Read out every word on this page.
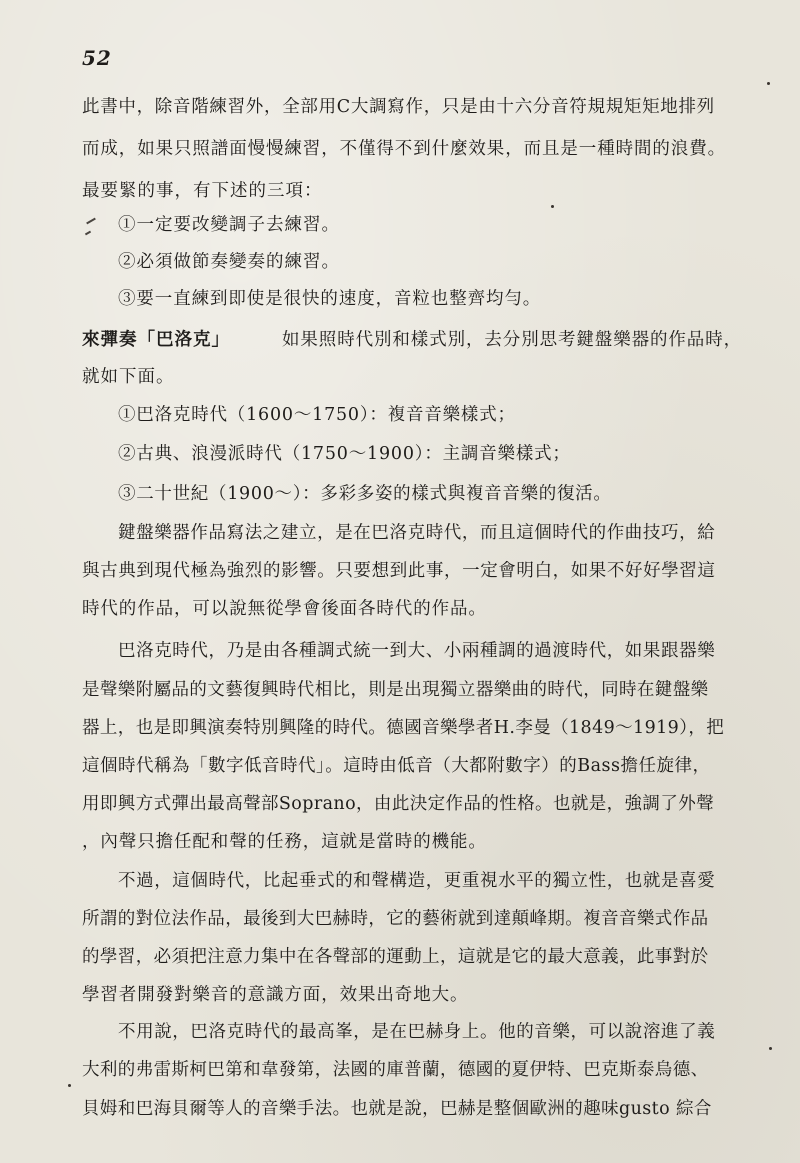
52
此書中，除音階練習外，全部用C大調寫作，只是由十六分音符規規矩矩地排列
而成，如果只照譜面慢慢練習，不僅得不到什麼效果，而且是一種時間的浪費。
最要緊的事，有下述的三項：
①一定要改變調子去練習。
②必須做節奏變奏的練習。
③要一直練到即使是很快的速度，音粒也整齊均勻。
來彈奏「巴洛克」	如果照時代別和樣式別，去分別思考鍵盤樂器的作品時，
就如下面。
①巴洛克時代（1600～1750）：複音音樂樣式；
②古典、浪漫派時代（1750～1900）：主調音樂樣式；
③二十世紀（1900～）：多彩多姿的樣式與複音音樂的復活。
鍵盤樂器作品寫法之建立，是在巴洛克時代，而且這個時代的作曲技巧，給
與古典到現代極為強烈的影響。只要想到此事，一定會明白，如果不好好學習這
時代的作品，可以說無從學會後面各時代的作品。
巴洛克時代，乃是由各種調式統一到大、小兩種調的過渡時代，如果跟器樂
是聲樂附屬品的文藝復興時代相比，則是出現獨立器樂曲的時代，同時在鍵盤樂
器上，也是即興演奏特別興隆的時代。德國音樂學者H.李曼（1849～1919），把
這個時代稱為「數字低音時代」。這時由低音（大都附數字）的Bass擔任旋律，
用即興方式彈出最高聲部Soprano，由此決定作品的性格。也就是，強調了外聲
，內聲只擔任配和聲的任務，這就是當時的機能。
不過，這個時代，比起垂式的和聲構造，更重視水平的獨立性，也就是喜愛
所謂的對位法作品，最後到大巴赫時，它的藝術就到達顛峰期。複音音樂式作品
的學習，必須把注意力集中在各聲部的運動上，這就是它的最大意義，此事對於
學習者開發對樂音的意識方面，效果出奇地大。
不用說，巴洛克時代的最高峯，是在巴赫身上。他的音樂，可以說溶進了義
大利的弗雷斯柯巴第和韋發第，法國的庫普蘭，德國的夏伊特、巴克斯泰烏德、
貝姆和巴海貝爾等人的音樂手法。也就是說，巴赫是整個歐洲的趣味gusto 綜合
